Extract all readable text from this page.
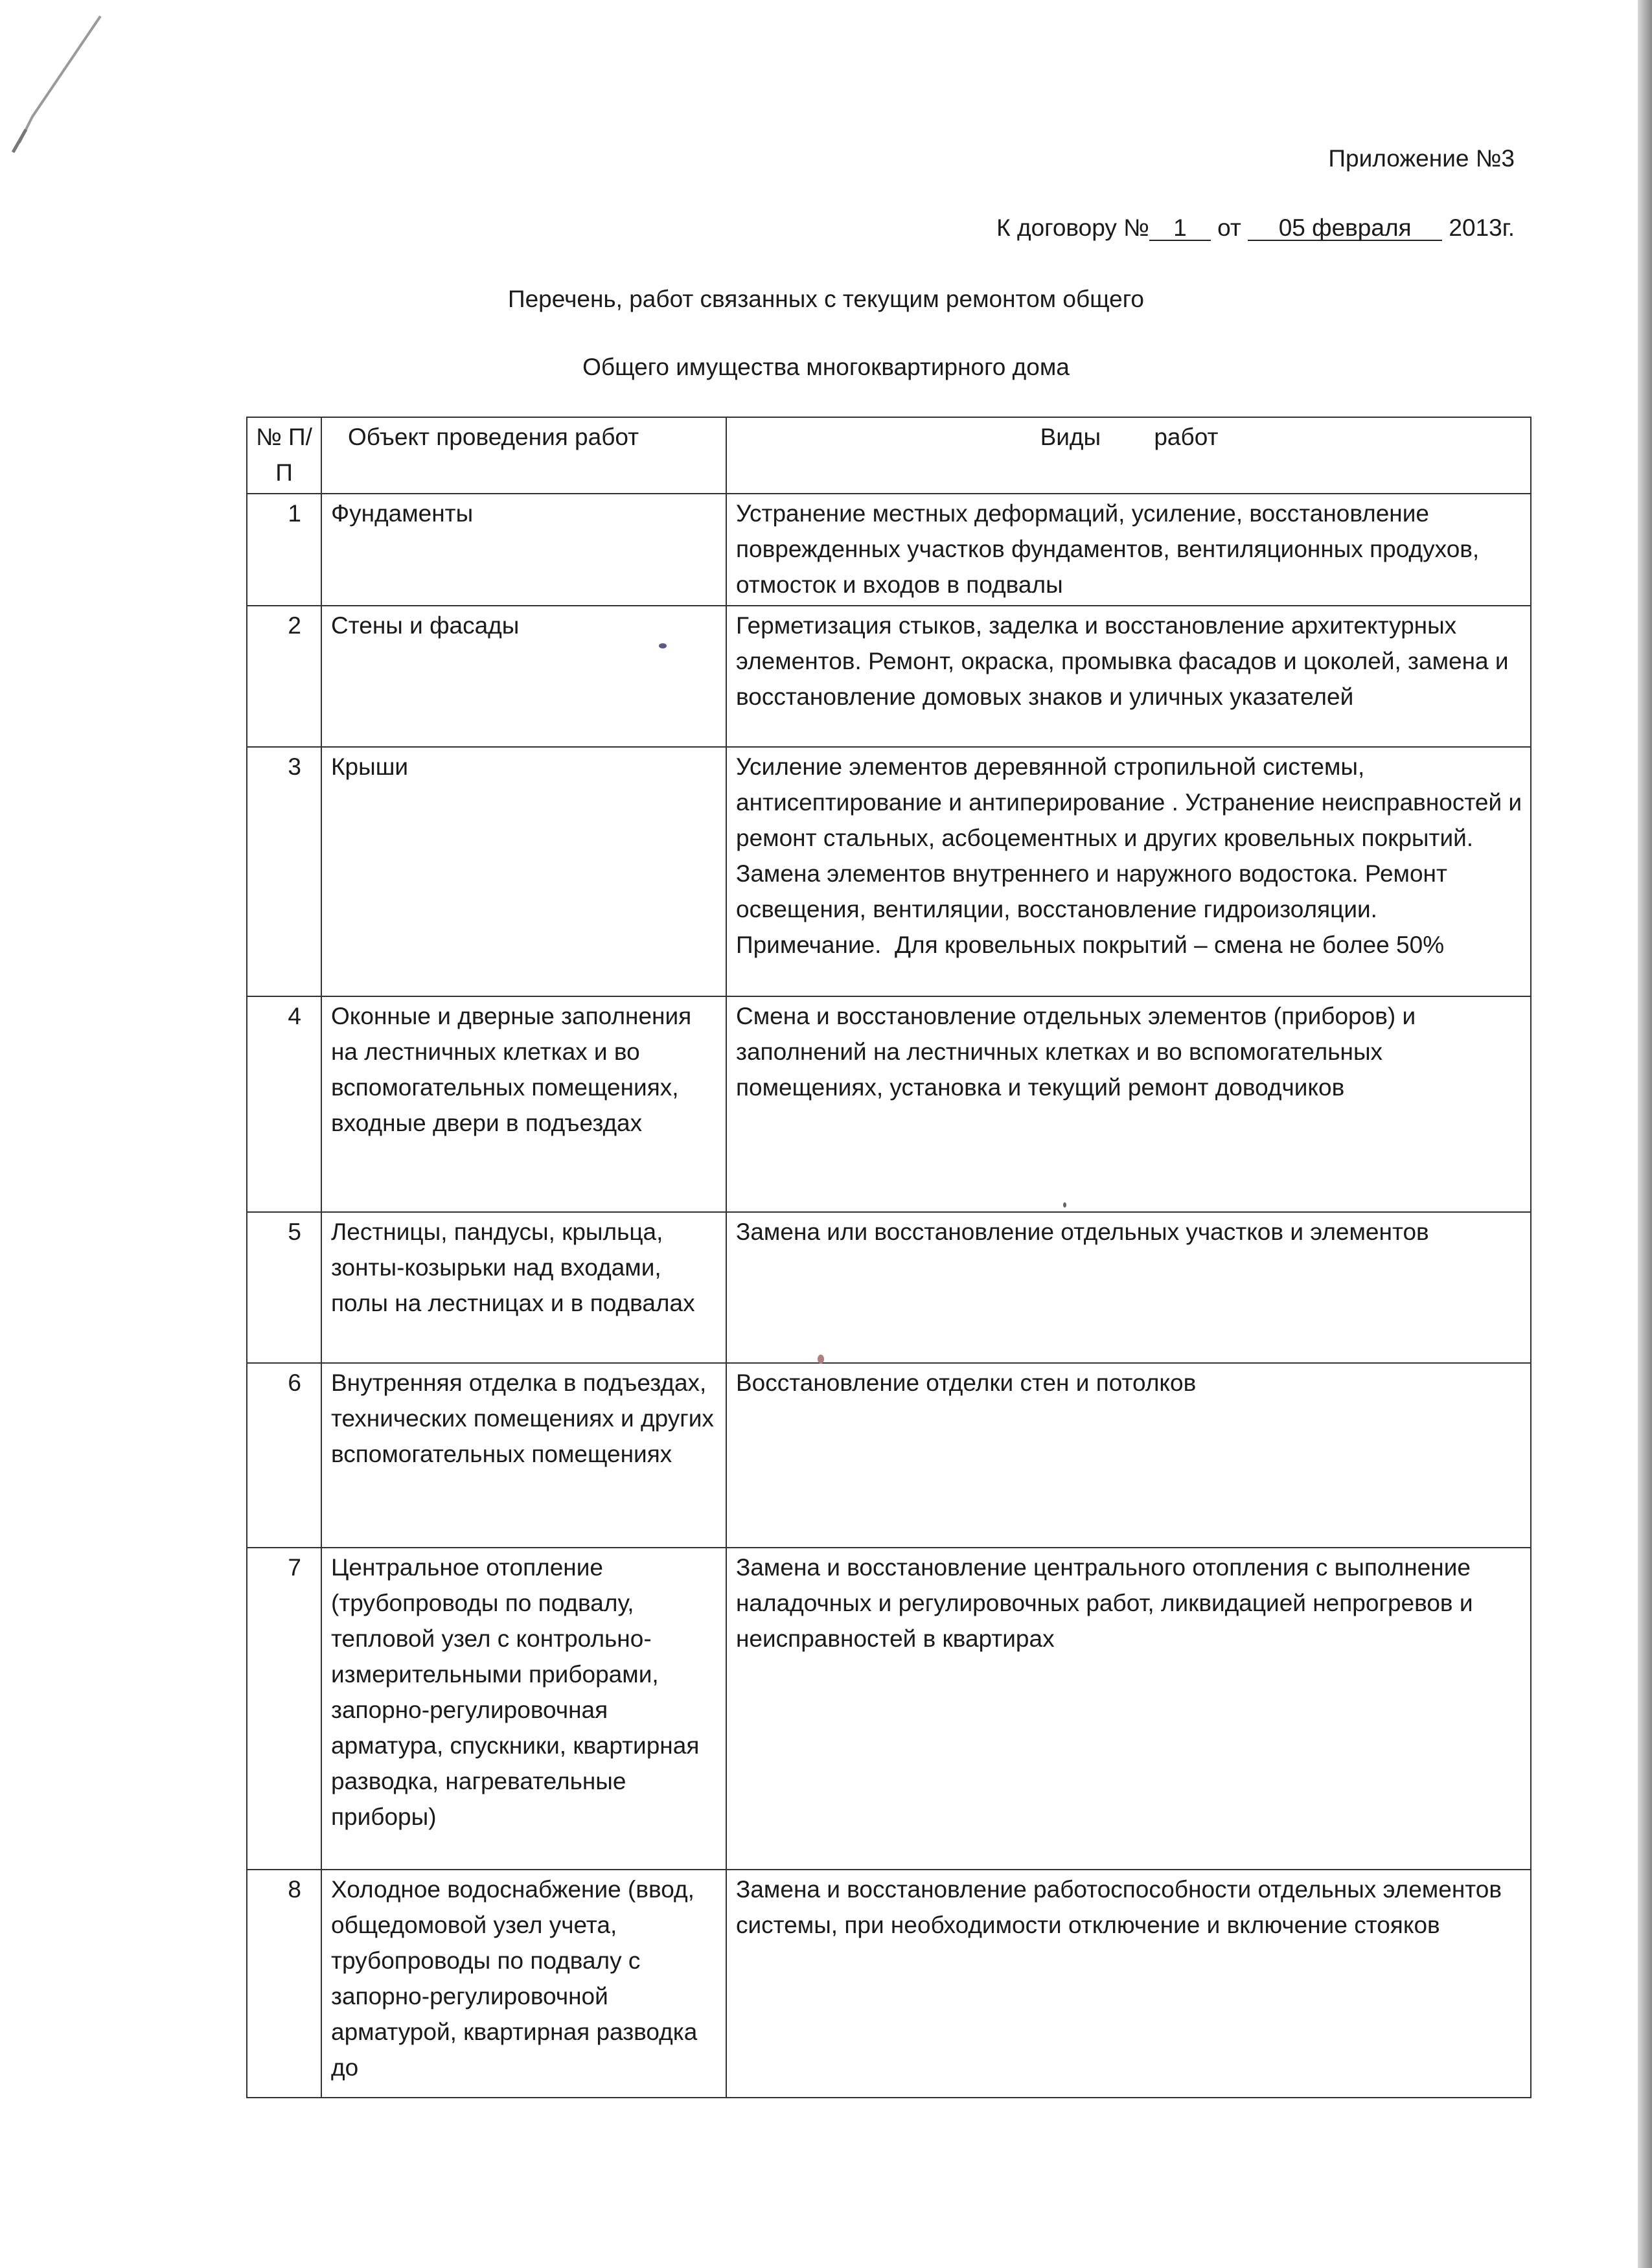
Приложение №3
К договору № 1 от 05 февраля 2013г.
Перечень, работ связанных с текущим ремонтом общего
Общего имущества многоквартирного дома
№ П/П	Объект проведения работ	Виды        работ
1	Фундаменты	Устранение местных деформаций, усиление, восстановление поврежденных участков фундаментов, вентиляционных продухов, отмосток и входов в подвалы
2	Стены и фасады	Герметизация стыков, заделка и восстановление архитектурных элементов. Ремонт, окраска, промывка фасадов и цоколей, замена и восстановление домовых знаков и уличных указателей
3	Крыши	Усиление элементов деревянной стропильной системы, антисептирование и антиперирование . Устранение неисправностей и ремонт стальных, асбоцементных и других кровельных покрытий. Замена элементов внутреннего и наружного водостока. Ремонт освещения, вентиляции, восстановление гидроизоляции.                         Примечание.  Для кровельных покрытий – смена не более 50%
4	Оконные и дверные заполнения на лестничных клетках и во вспомогательных помещениях, входные двери в подъездах	Смена и восстановление отдельных элементов (приборов) и заполнений на лестничных клетках и во вспомогательных помещениях, установка и текущий ремонт доводчиков
5	Лестницы, пандусы, крыльца, зонты-козырьки над входами, полы на лестницах и в подвалах	Замена или восстановление отдельных участков и элементов
6	Внутренняя отделка в подъездах, технических помещениях и других вспомогательных помещениях	Восстановление отделки стен и потолков
7	Центральное отопление (трубопроводы по подвалу, тепловой узел с контрольно-измерительными приборами, запорно-регулировочная арматура, спускники, квартирная разводка, нагревательные приборы)	Замена и восстановление центрального отопления с выполнение наладочных и регулировочных работ, ликвидацией непрогревов и неисправностей в квартирах
8	Холодное водоснабжение (ввод, общедомовой узел учета, трубопроводы по подвалу с запорно-регулировочной арматурой, квартирная разводка до	Замена и восстановление работоспособности отдельных элементов системы, при необходимости отключение и включение стояков
